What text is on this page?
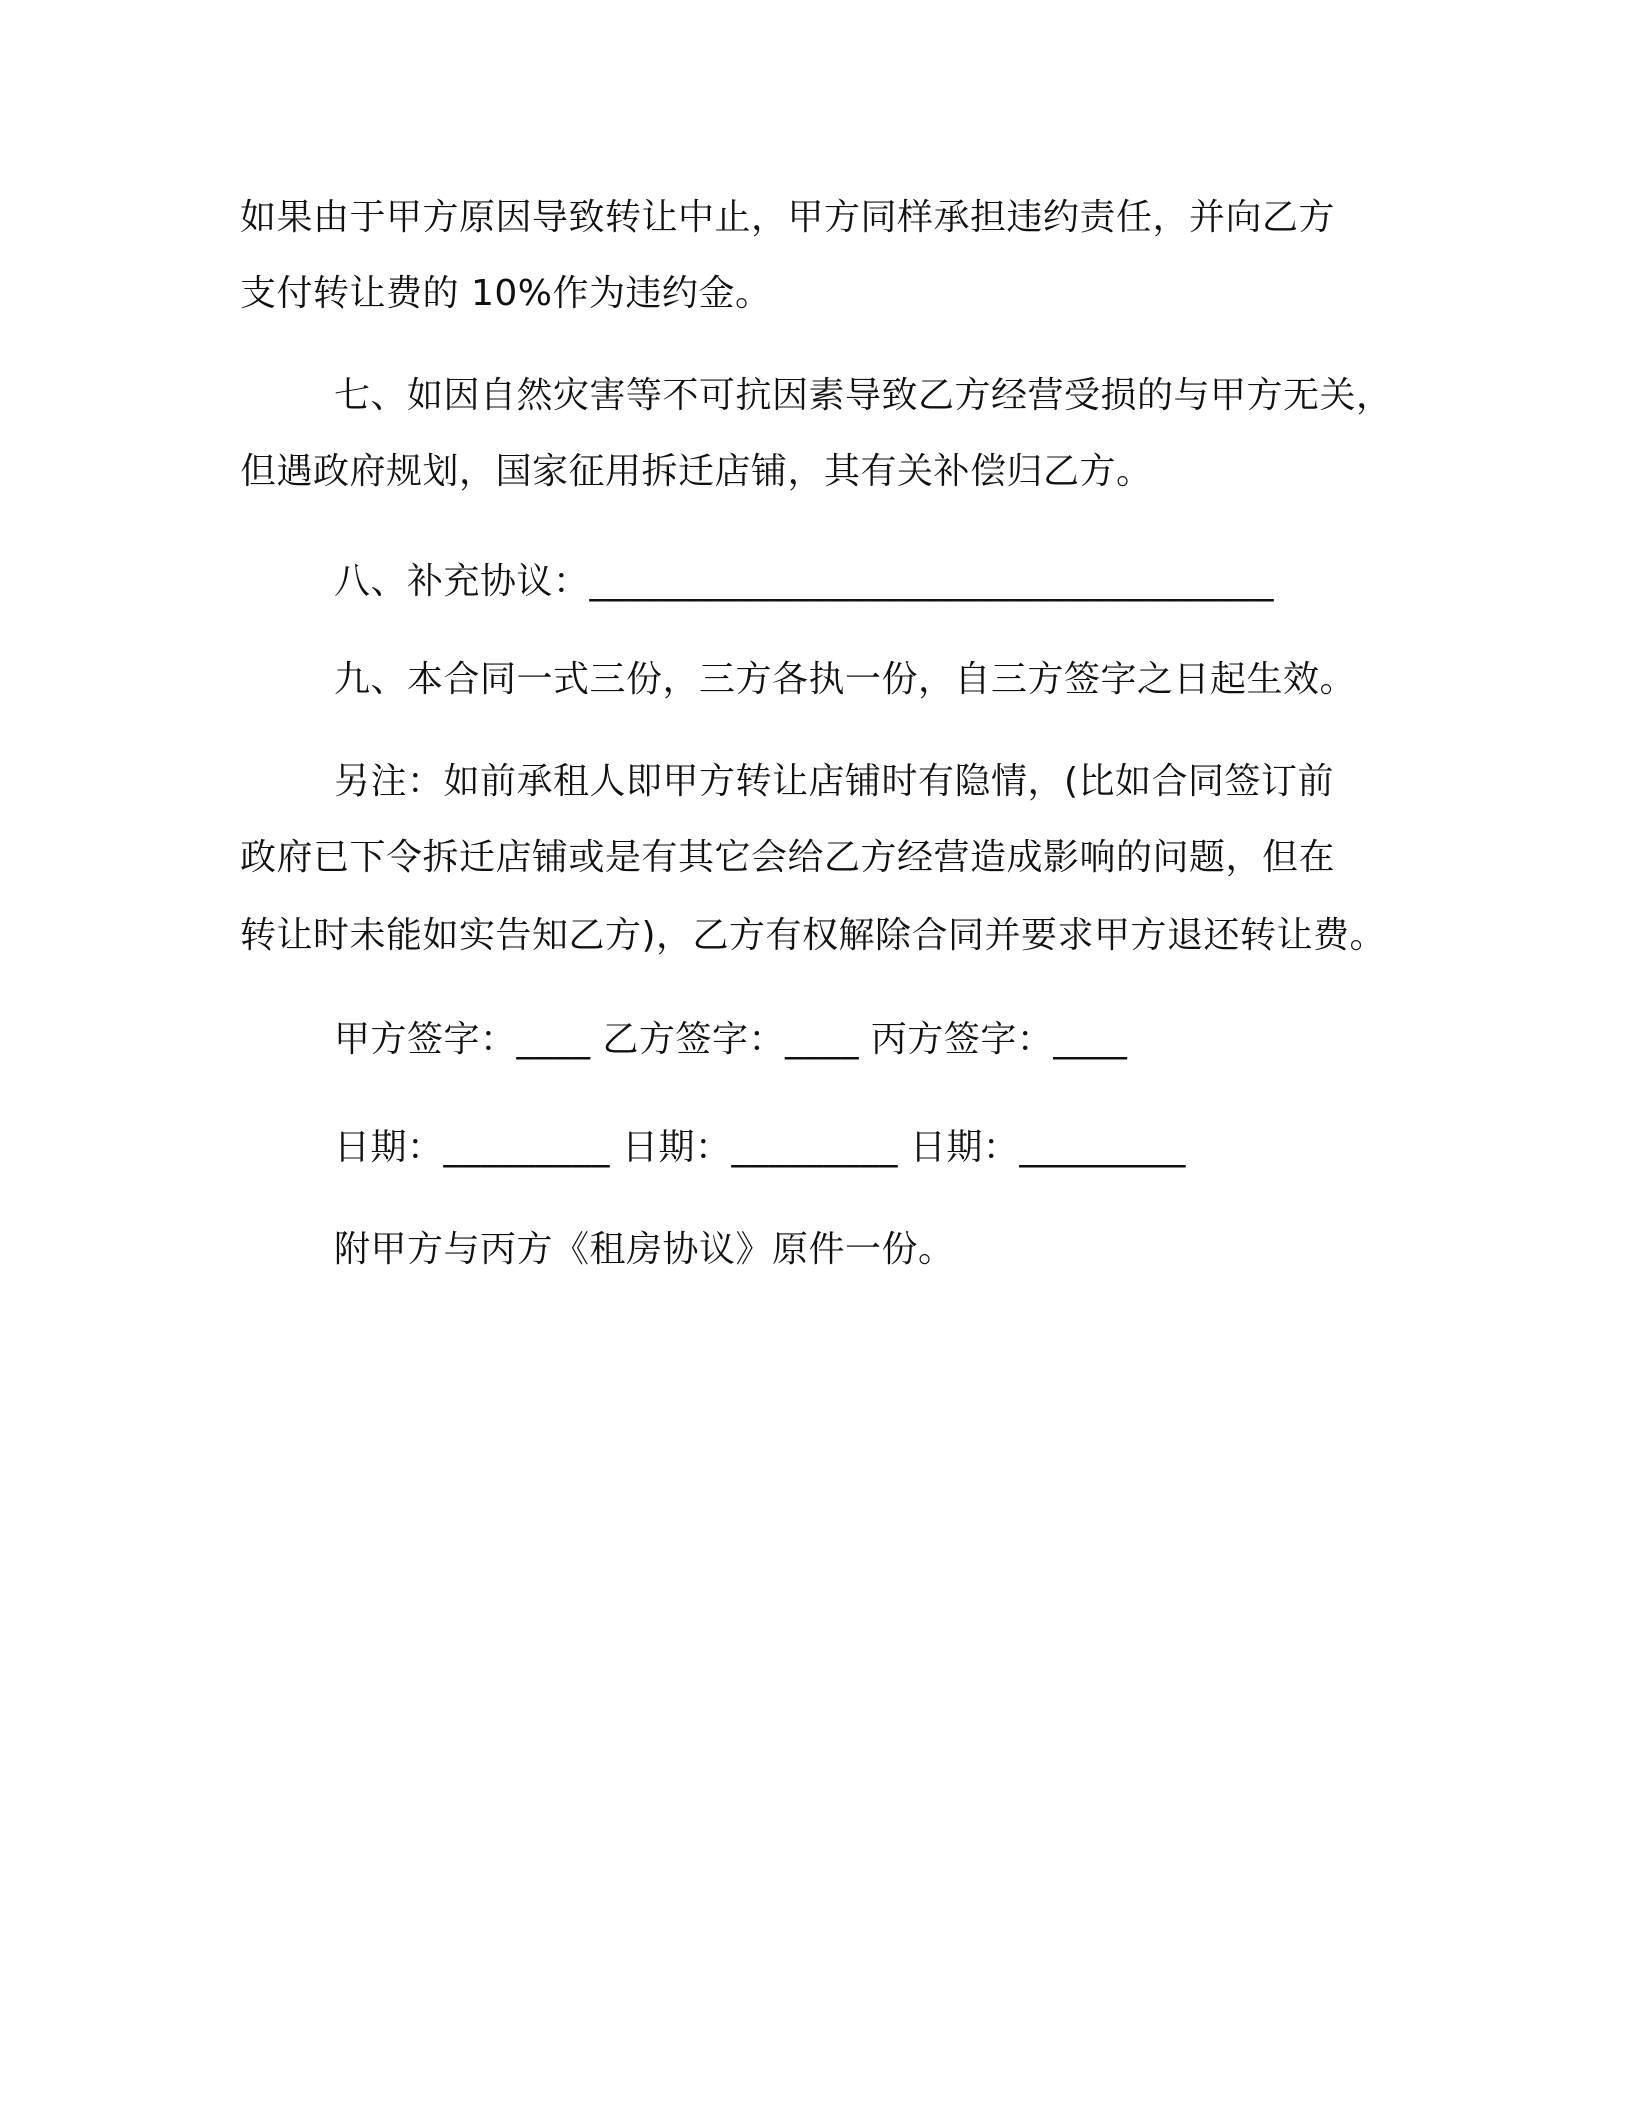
如果由于甲方原因导致转让中止，甲方同样承担违约责任，并向乙方

支付转让费的 10%作为违约金。

七、如因自然灾害等不可抗因素导致乙方经营受损的与甲方无关，

但遇政府规划，国家征用拆迁店铺，其有关补偿归乙方。

八、补充协议：_____________________________________

九、本合同一式三份，三方各执一份，自三方签字之日起生效。

另注：如前承租人即甲方转让店铺时有隐情，(比如合同签订前

政府已下令拆迁店铺或是有其它会给乙方经营造成影响的问题，但在

转让时未能如实告知乙方)，乙方有权解除合同并要求甲方退还转让费。

甲方签字：____ 乙方签字：____ 丙方签字：____

日期：_________ 日期：_________ 日期：_________

附甲方与丙方《租房协议》原件一份。
